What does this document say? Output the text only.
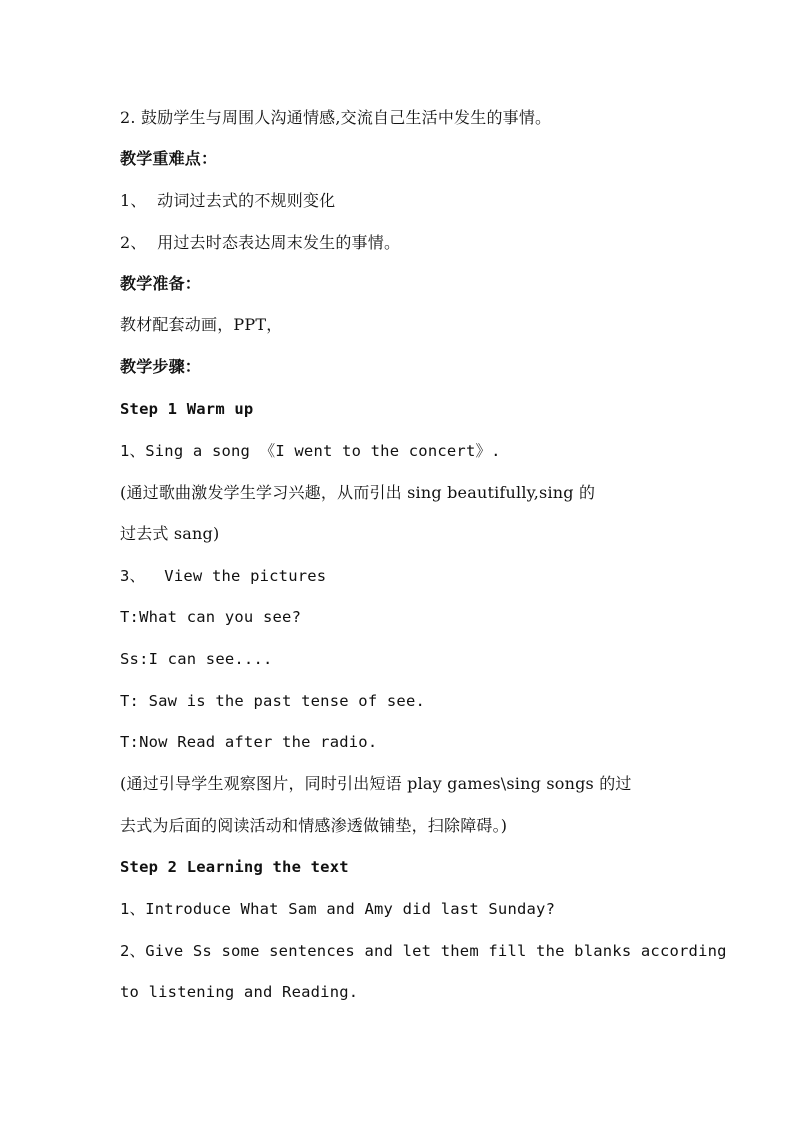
2. 鼓励学生与周围人沟通情感,交流自己生活中发生的事情。
教学重难点：
1、  动词过去式的不规则变化
2、  用过去时态表达周末发生的事情。
教学准备：
教材配套动画，PPT，
教学步骤：
Step 1 Warm up
1、Sing a song 《I went to the concert》.
(通过歌曲激发学生学习兴趣，从而引出 sing beautifully,sing 的
过去式 sang)
3、  View the pictures
T:What can you see?
Ss:I can see....
T: Saw is the past tense of see.
T:Now Read after the radio.
(通过引导学生观察图片，同时引出短语 play games\sing songs 的过
去式为后面的阅读活动和情感渗透做铺垫，扫除障碍。)
Step 2 Learning the text
1、Introduce What Sam and Amy did last Sunday?
2、Give Ss some sentences and let them fill the blanks according
to listening and Reading.
